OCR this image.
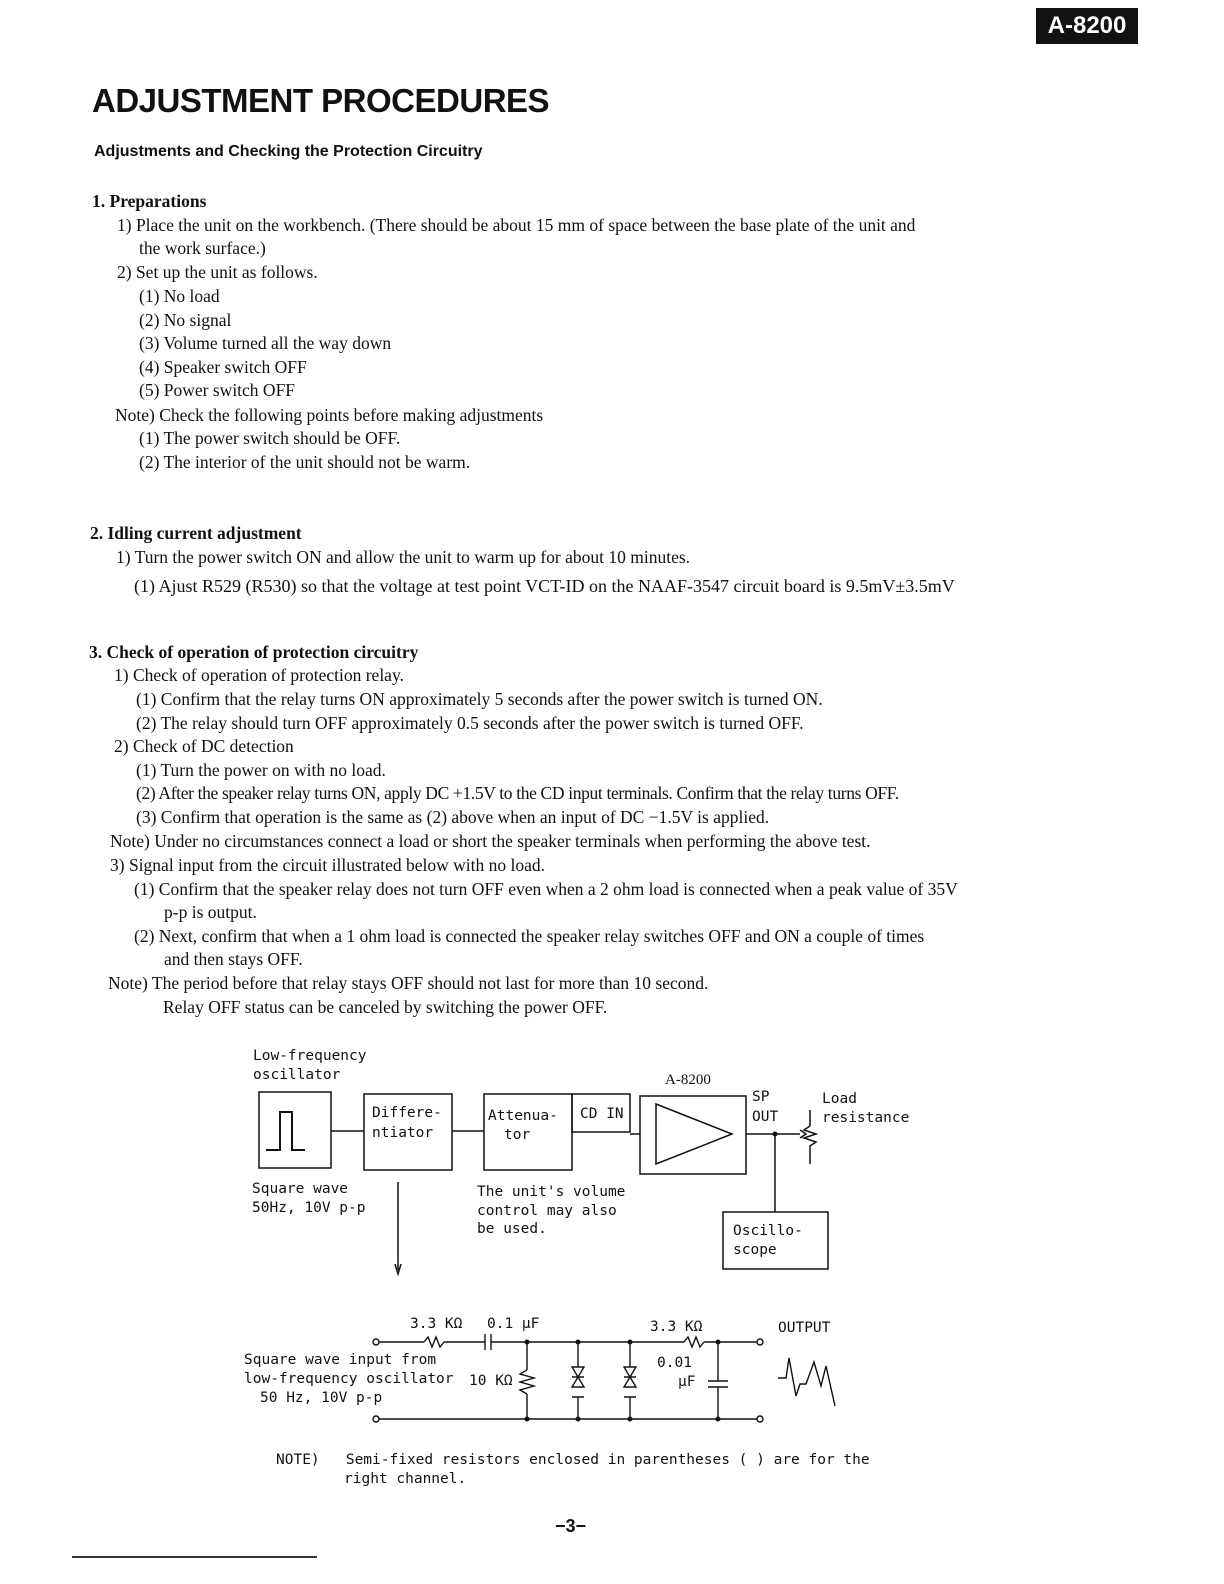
A-8200
ADJUSTMENT PROCEDURES
Adjustments and Checking the Protection Circuitry
1. Preparations
1) Place the unit on the workbench. (There should be about 15 mm of space between the base plate of the unit and
the work surface.)
2) Set up the unit as follows.
(1) No load
(2) No signal
(3) Volume turned all the way down
(4) Speaker switch OFF
(5) Power switch OFF
Note) Check the following points before making adjustments
(1) The power switch should be OFF.
(2) The interior of the unit should not be warm.
2. Idling current adjustment
1) Turn the power switch ON and allow the unit to warm up for about 10 minutes.
(1) Ajust R529 (R530) so that the voltage at test point VCT-ID on the NAAF-3547 circuit board is 9.5mV±3.5mV
3. Check of operation of protection circuitry
1) Check of operation of protection relay.
(1) Confirm that the relay turns ON approximately 5 seconds after the power switch is turned ON.
(2) The relay should turn OFF approximately 0.5 seconds after the power switch is turned OFF.
2) Check of DC detection
(1) Turn the power on with no load.
(2) After the speaker relay turns ON, apply DC +1.5V to the CD input terminals. Confirm that the relay turns OFF.
(3) Confirm that operation is the same as (2) above when an input of DC −1.5V is applied.
Note) Under no circumstances connect a load or short the speaker terminals when performing the above test.
3) Signal input from the circuit illustrated below with no load.
(1) Confirm that the speaker relay does not turn OFF even when a 2 ohm load is connected when a peak value of 35V
p-p is output.
(2) Next, confirm that when a 1 ohm load is connected the speaker relay switches OFF and ON a couple of times
and then stays OFF.
Note) The period before that relay stays OFF should not last for more than 10 second.
Relay OFF status can be canceled by switching the power OFF.
Low-frequency
oscillator
Differe-
ntiator
Attenua-
tor
CD IN
A-8200
SP
OUT
Load
resistance
Square wave
50Hz, 10V p-p
The unit's volume
control may also
be used.	Oscillo-
scope
3.3 KΩ 0.1 μF	3.3 KΩ	OUTPUT
Square wave input from
low-frequency oscillator
50 Hz, 10V p-p
10 KΩ
0.01
μF
NOTE)   Semi-fixed resistors enclosed in parentheses ( ) are for the
right channel.
−3−
